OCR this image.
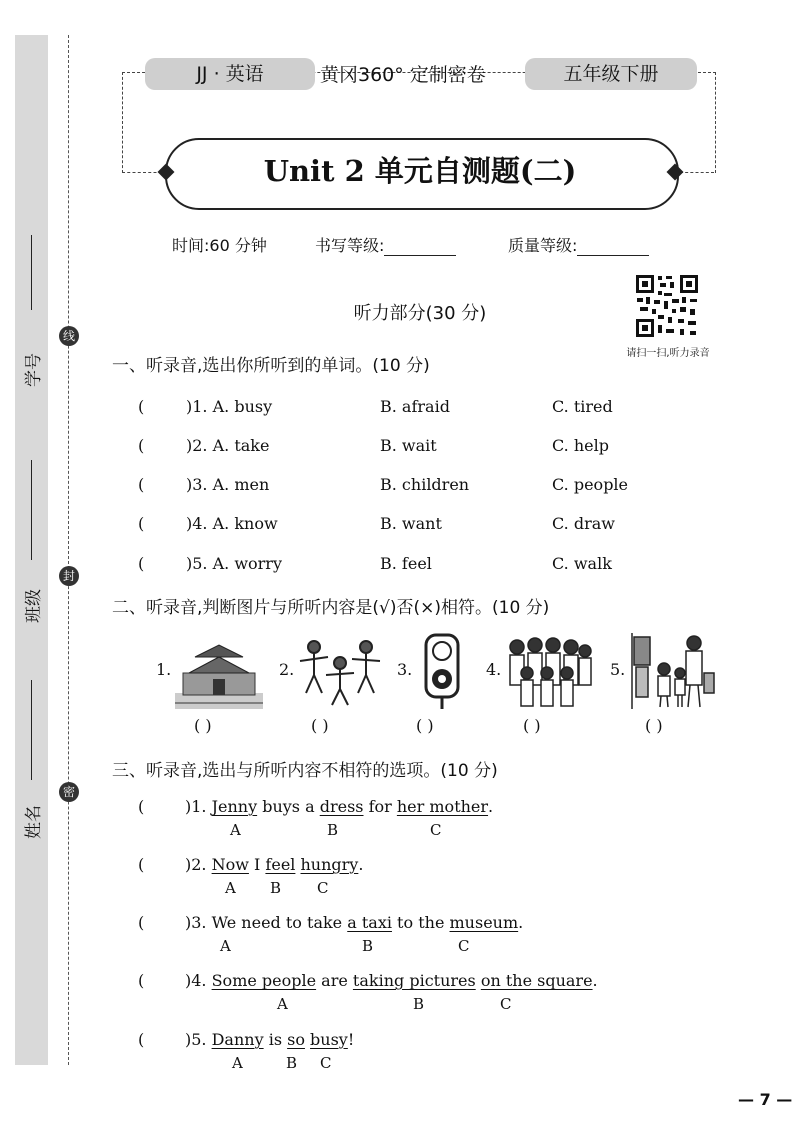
学号
班级
姓名
线
封
密
JJ · 英语	黄冈360° 定制密卷	五年级下册
Unit 2 单元自测题(二)
时间:60 分钟	书写等级:	质量等级:
请扫一扫,听力录音
听力部分(30 分)
一、听录音,选出你所听到的单词。(10 分)
(	)1. A. busy	B. afraid	C. tired
(	)2. A. take	B. wait	C. help
(	)3. A. men	B. children	C. people
(	)4. A. know	B. want	C. draw
(	)5. A. worry	B. feel	C. walk
二、听录音,判断图片与所听内容是(√)否(×)相符。(10 分)
1.	2.	3.	4.	5.
( )	( )	( )	( )	( )
三、听录音,选出与所听内容不相符的选项。(10 分)
(	)1. Jenny buys a dress for her mother.
A	B	C
(	)2. Now I feel hungry.
A B C
(	)3. We need to take a taxi to the museum.
A	B	C
(	)4. Some people are taking pictures on the square.
A	B	C
(	)5. Danny is so busy!
A	B C
— 7 —
